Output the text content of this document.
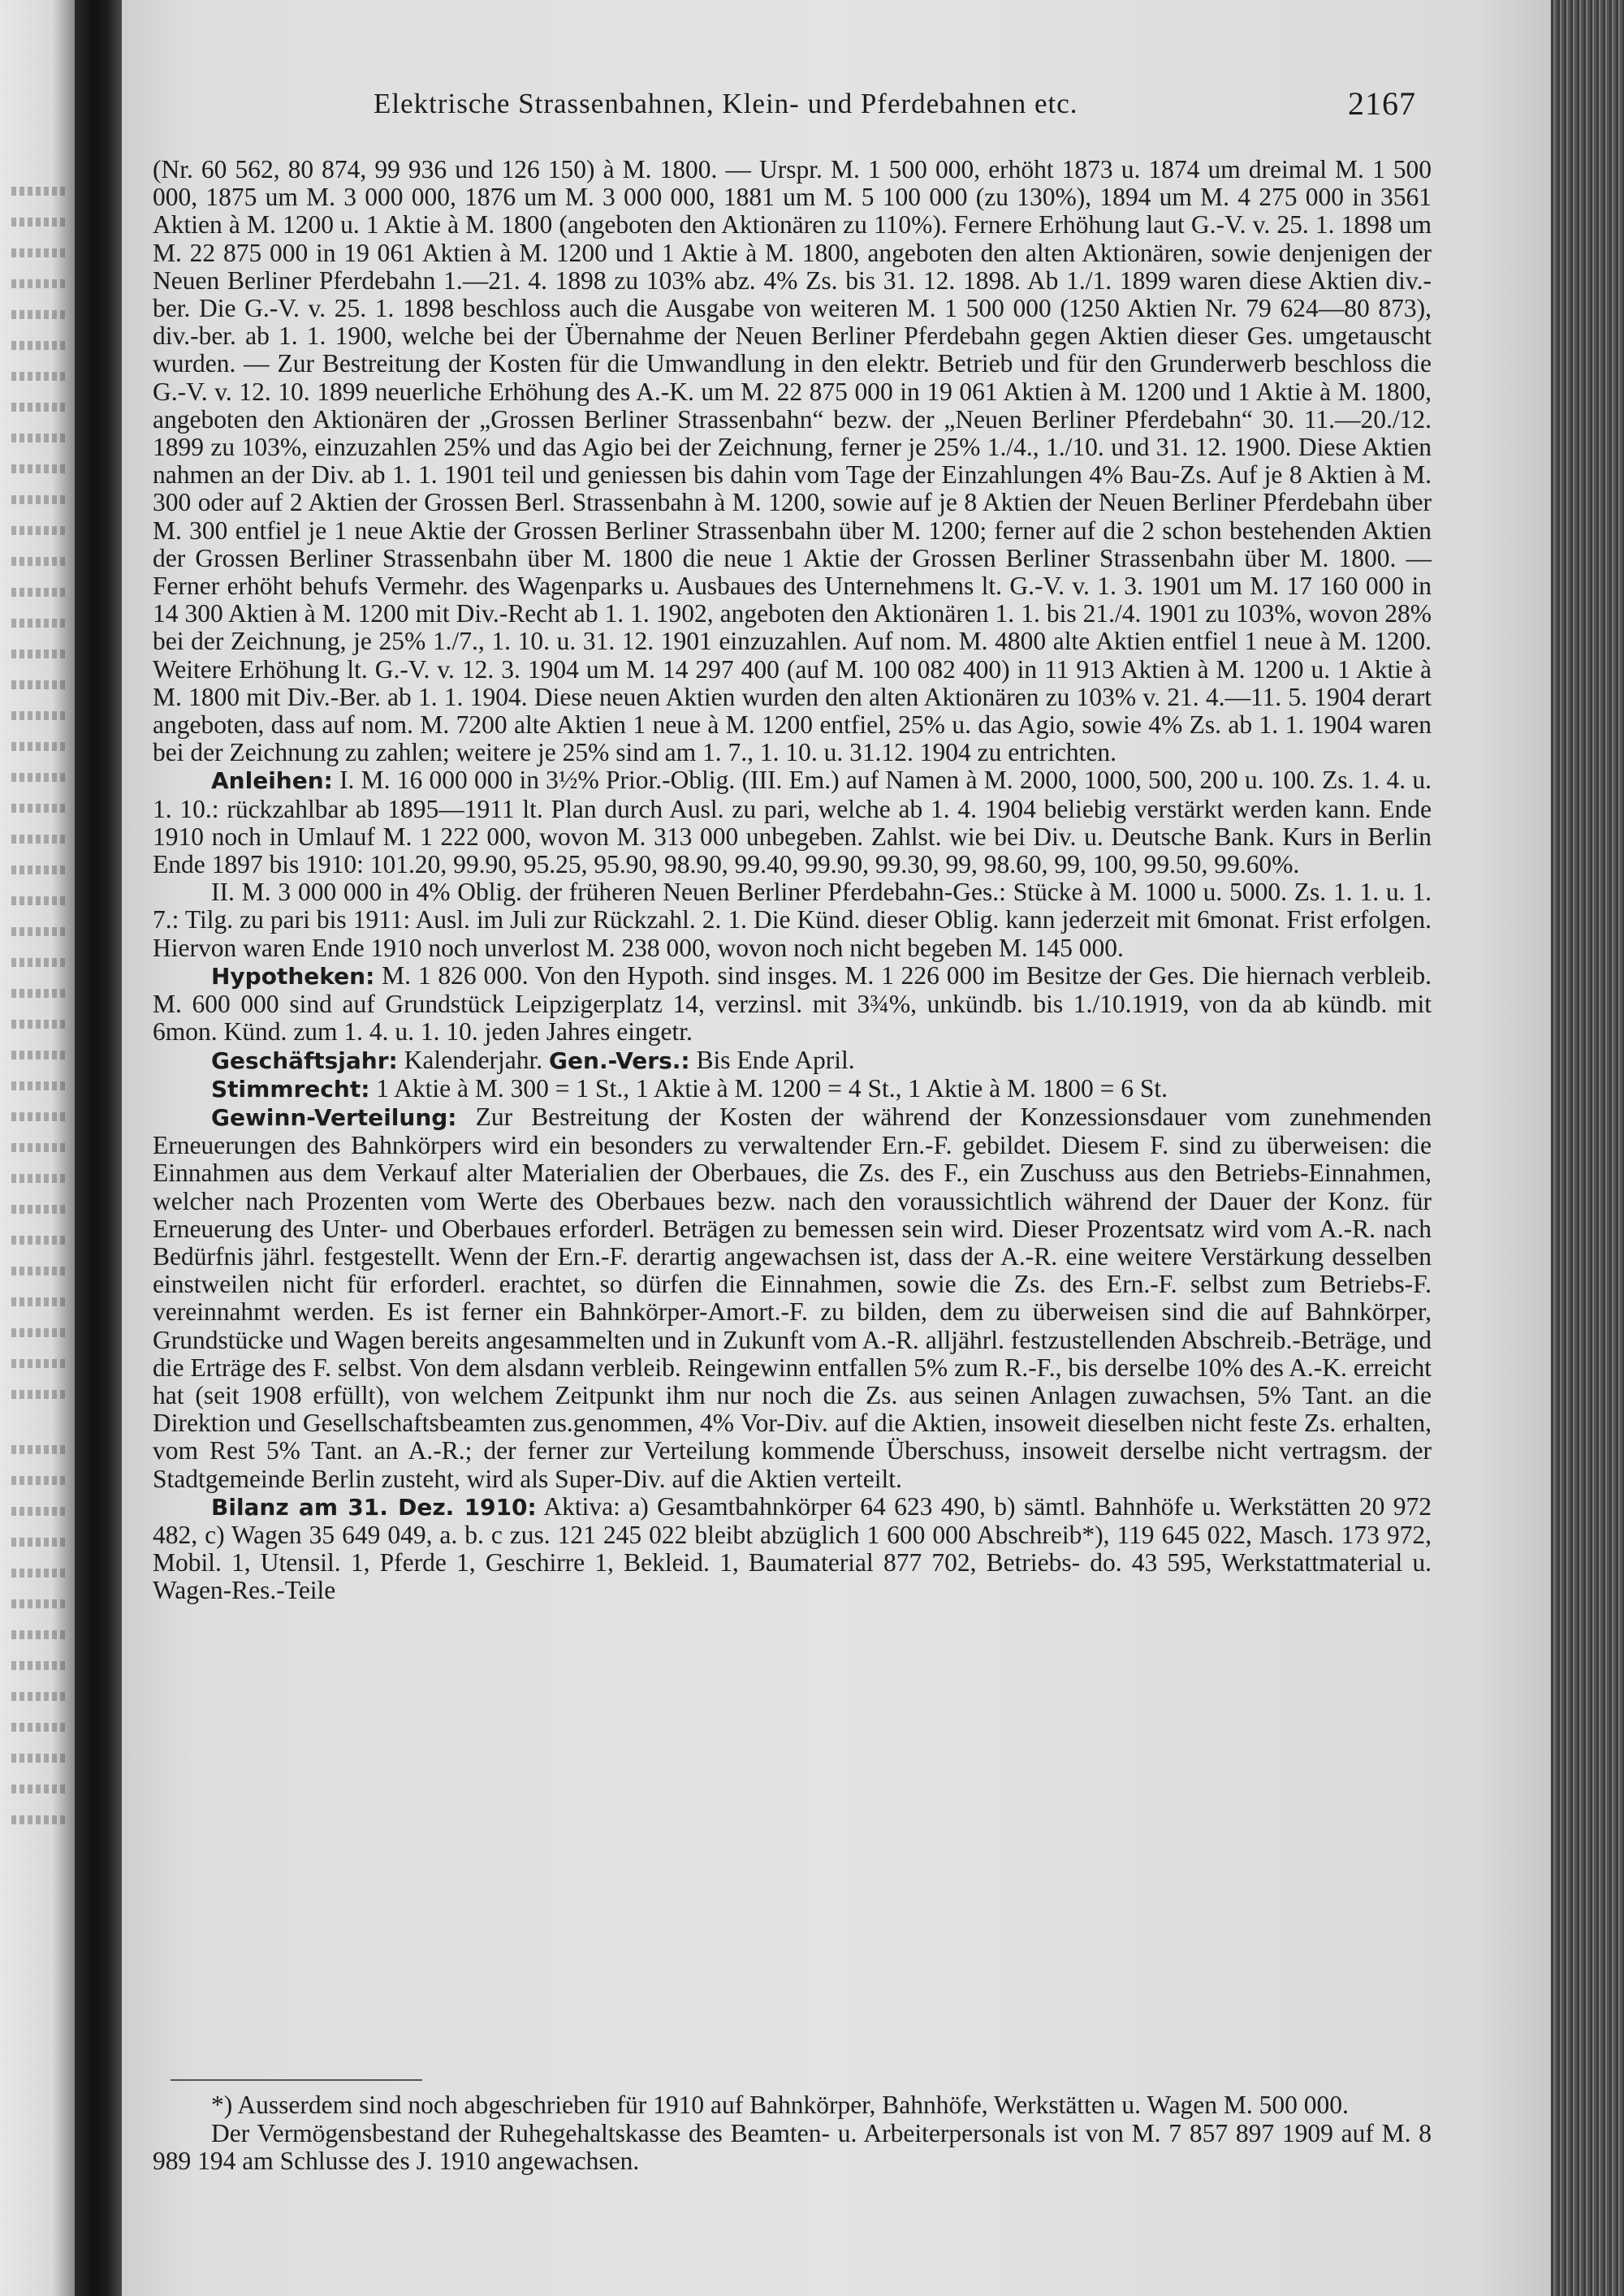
Elektrische Strassenbahnen, Klein- und Pferdebahnen etc.	2167

(Nr. 60 562, 80 874, 99 936 und 126 150) à M. 1800. — Urspr. M. 1 500 000, erhöht 1873 u. 1874 um dreimal M. 1 500 000, 1875 um M. 3 000 000, 1876 um M. 3 000 000, 1881 um M. 5 100 000 (zu 130%), 1894 um M. 4 275 000 in 3561 Aktien à M. 1200 u. 1 Aktie à M. 1800 (angeboten den Aktionären zu 110%). Fernere Erhöhung laut G.-V. v. 25. 1. 1898 um M. 22 875 000 in 19 061 Aktien à M. 1200 und 1 Aktie à M. 1800, angeboten den alten Aktionären, sowie denjenigen der Neuen Berliner Pferdebahn 1.—21. 4. 1898 zu 103% abz. 4% Zs. bis 31. 12. 1898. Ab 1./1. 1899 waren diese Aktien div.-ber. Die G.-V. v. 25. 1. 1898 beschloss auch die Ausgabe von weiteren M. 1 500 000 (1250 Aktien Nr. 79 624—80 873), div.-ber. ab 1. 1. 1900, welche bei der Übernahme der Neuen Berliner Pferdebahn gegen Aktien dieser Ges. umgetauscht wurden. — Zur Bestreitung der Kosten für die Umwandlung in den elektr. Betrieb und für den Grunderwerb beschloss die G.-V. v. 12. 10. 1899 neuerliche Erhöhung des A.-K. um M. 22 875 000 in 19 061 Aktien à M. 1200 und 1 Aktie à M. 1800, angeboten den Aktionären der „Grossen Berliner Strassenbahn“ bezw. der „Neuen Berliner Pferdebahn“ 30. 11.—20./12. 1899 zu 103%, einzuzahlen 25% und das Agio bei der Zeichnung, ferner je 25% 1./4., 1./10. und 31. 12. 1900. Diese Aktien nahmen an der Div. ab 1. 1. 1901 teil und geniessen bis dahin vom Tage der Einzahlungen 4% Bau-Zs. Auf je 8 Aktien à M. 300 oder auf 2 Aktien der Grossen Berl. Strassenbahn à M. 1200, sowie auf je 8 Aktien der Neuen Berliner Pferdebahn über M. 300 entfiel je 1 neue Aktie der Grossen Berliner Strassenbahn über M. 1200; ferner auf die 2 schon bestehenden Aktien der Grossen Berliner Strassenbahn über M. 1800 die neue 1 Aktie der Grossen Berliner Strassenbahn über M. 1800. — Ferner erhöht behufs Vermehr. des Wagenparks u. Ausbaues des Unternehmens lt. G.-V. v. 1. 3. 1901 um M. 17 160 000 in 14 300 Aktien à M. 1200 mit Div.-Recht ab 1. 1. 1902, angeboten den Aktionären 1. 1. bis 21./4. 1901 zu 103%, wovon 28% bei der Zeichnung, je 25% 1./7., 1. 10. u. 31. 12. 1901 einzuzahlen. Auf nom. M. 4800 alte Aktien entfiel 1 neue à M. 1200. Weitere Erhöhung lt. G.-V. v. 12. 3. 1904 um M. 14 297 400 (auf M. 100 082 400) in 11 913 Aktien à M. 1200 u. 1 Aktie à M. 1800 mit Div.-Ber. ab 1. 1. 1904. Diese neuen Aktien wurden den alten Aktionären zu 103% v. 21. 4.—11. 5. 1904 derart angeboten, dass auf nom. M. 7200 alte Aktien 1 neue à M. 1200 entfiel, 25% u. das Agio, sowie 4% Zs. ab 1. 1. 1904 waren bei der Zeichnung zu zahlen; weitere je 25% sind am 1. 7., 1. 10. u. 31.12. 1904 zu entrichten.

Anleihen: I. M. 16 000 000 in 3½% Prior.-Oblig. (III. Em.) auf Namen à M. 2000, 1000, 500, 200 u. 100. Zs. 1. 4. u. 1. 10.: rückzahlbar ab 1895—1911 lt. Plan durch Ausl. zu pari, welche ab 1. 4. 1904 beliebig verstärkt werden kann. Ende 1910 noch in Umlauf M. 1 222 000, wovon M. 313 000 unbegeben. Zahlst. wie bei Div. u. Deutsche Bank. Kurs in Berlin Ende 1897 bis 1910: 101.20, 99.90, 95.25, 95.90, 98.90, 99.40, 99.90, 99.30, 99, 98.60, 99, 100, 99.50, 99.60%.

II. M. 3 000 000 in 4% Oblig. der früheren Neuen Berliner Pferdebahn-Ges.: Stücke à M. 1000 u. 5000. Zs. 1. 1. u. 1. 7.: Tilg. zu pari bis 1911: Ausl. im Juli zur Rückzahl. 2. 1. Die Künd. dieser Oblig. kann jederzeit mit 6monat. Frist erfolgen. Hiervon waren Ende 1910 noch unverlost M. 238 000, wovon noch nicht begeben M. 145 000.

Hypotheken: M. 1 826 000. Von den Hypoth. sind insges. M. 1 226 000 im Besitze der Ges. Die hiernach verbleib. M. 600 000 sind auf Grundstück Leipzigerplatz 14, verzinsl. mit 3¾%, unkündb. bis 1./10.1919, von da ab kündb. mit 6mon. Künd. zum 1. 4. u. 1. 10. jeden Jahres eingetr.

Geschäftsjahr: Kalenderjahr. Gen.-Vers.: Bis Ende April.

Stimmrecht: 1 Aktie à M. 300 = 1 St., 1 Aktie à M. 1200 = 4 St., 1 Aktie à M. 1800 = 6 St.

Gewinn-Verteilung: Zur Bestreitung der Kosten der während der Konzessionsdauer vom zunehmenden Erneuerungen des Bahnkörpers wird ein besonders zu verwaltender Ern.-F. gebildet. Diesem F. sind zu überweisen: die Einnahmen aus dem Verkauf alter Materialien der Oberbaues, die Zs. des F., ein Zuschuss aus den Betriebs-Einnahmen, welcher nach Prozenten vom Werte des Oberbaues bezw. nach den voraussichtlich während der Dauer der Konz. für Erneuerung des Unter- und Oberbaues erforderl. Beträgen zu bemessen sein wird. Dieser Prozentsatz wird vom A.-R. nach Bedürfnis jährl. festgestellt. Wenn der Ern.-F. derartig angewachsen ist, dass der A.-R. eine weitere Verstärkung desselben einstweilen nicht für erforderl. erachtet, so dürfen die Einnahmen, sowie die Zs. des Ern.-F. selbst zum Betriebs-F. vereinnahmt werden. Es ist ferner ein Bahnkörper-Amort.-F. zu bilden, dem zu überweisen sind die auf Bahnkörper, Grundstücke und Wagen bereits angesammelten und in Zukunft vom A.-R. alljährl. festzustellenden Abschreib.-Beträge, und die Erträge des F. selbst. Von dem alsdann verbleib. Reingewinn entfallen 5% zum R.-F., bis derselbe 10% des A.-K. erreicht hat (seit 1908 erfüllt), von welchem Zeitpunkt ihm nur noch die Zs. aus seinen Anlagen zuwachsen, 5% Tant. an die Direktion und Gesellschaftsbeamten zus.genommen, 4% Vor-Div. auf die Aktien, insoweit dieselben nicht feste Zs. erhalten, vom Rest 5% Tant. an A.-R.; der ferner zur Verteilung kommende Überschuss, insoweit derselbe nicht vertragsm. der Stadtgemeinde Berlin zusteht, wird als Super-Div. auf die Aktien verteilt.

Bilanz am 31. Dez. 1910: Aktiva: a) Gesamtbahnkörper 64 623 490, b) sämtl. Bahnhöfe u. Werkstätten 20 972 482, c) Wagen 35 649 049, a. b. c zus. 121 245 022 bleibt abzüglich 1 600 000 Abschreib*), 119 645 022, Masch. 173 972, Mobil. 1, Utensil. 1, Pferde 1, Geschirre 1, Bekleid. 1, Baumaterial 877 702, Betriebs- do. 43 595, Werkstattmaterial u. Wagen-Res.-Teile

*) Ausserdem sind noch abgeschrieben für 1910 auf Bahnkörper, Bahnhöfe, Werkstätten u. Wagen M. 500 000.

Der Vermögensbestand der Ruhegehaltskasse des Beamten- u. Arbeiterpersonals ist von M. 7 857 897 1909 auf M. 8 989 194 am Schlusse des J. 1910 angewachsen.
